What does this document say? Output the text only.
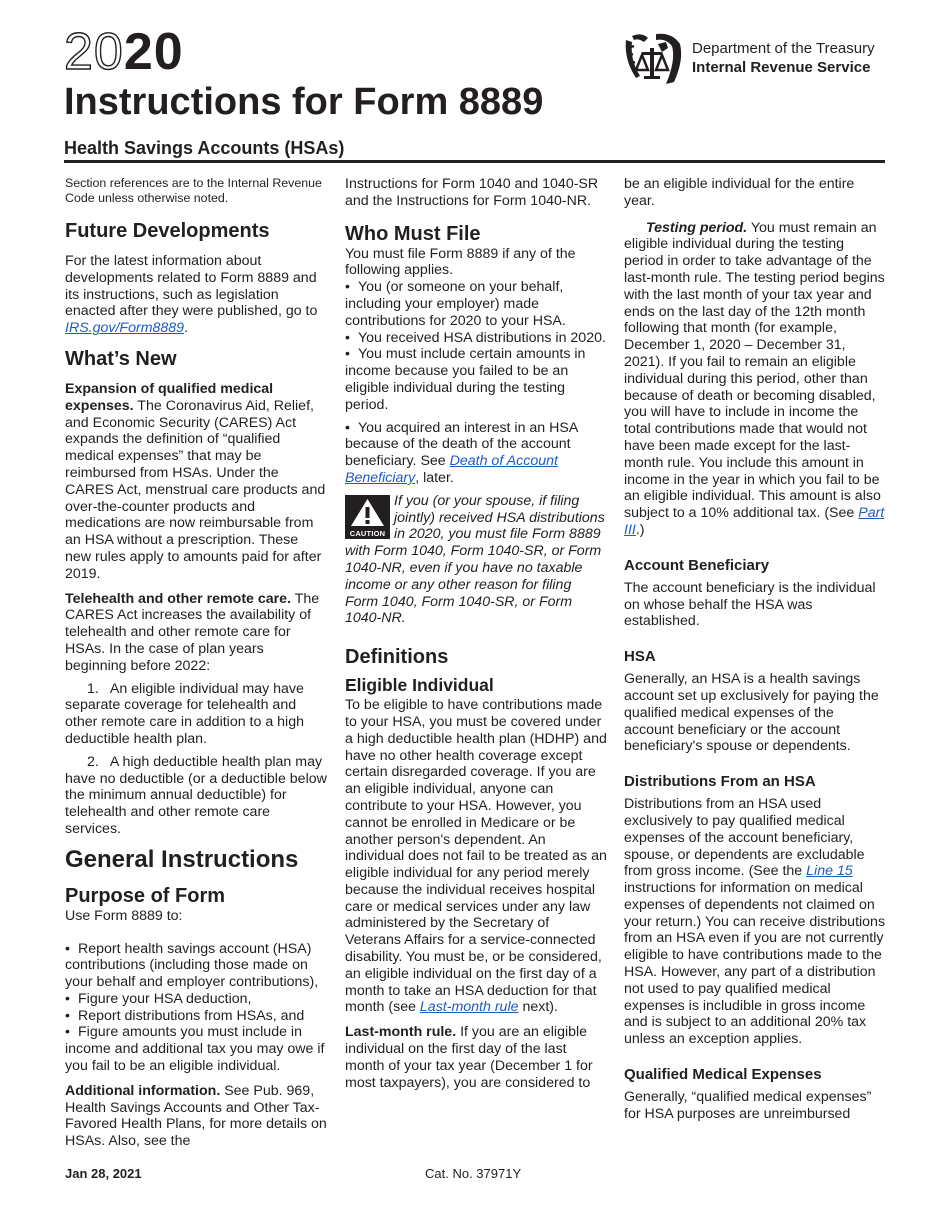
2020
Instructions for Form 8889
Health Savings Accounts (HSAs)
Department of the Treasury
Internal Revenue Service

Section references are to the Internal Revenue Code unless otherwise noted.

Future Developments

For the latest information about developments related to Form 8889 and its instructions, such as legislation enacted after they were published, go to IRS.gov/Form8889.

What’s New

Expansion of qualified medical expenses. The Coronavirus Aid, Relief, and Economic Security (CARES) Act expands the definition of “qualified medical expenses” that may be reimbursed from HSAs. Under the CARES Act, menstrual care products and over-the-counter products and medications are now reimbursable from an HSA without a prescription. These new rules apply to amounts paid for after 2019.

Telehealth and other remote care. The CARES Act increases the availability of telehealth and other remote care for HSAs. In the case of plan years beginning before 2022:

1.   An eligible individual may have separate coverage for telehealth and other remote care in addition to a high deductible health plan.

2.   A high deductible health plan may have no deductible (or a deductible below the minimum annual deductible) for telehealth and other remote care services.

General Instructions
Purpose of Form

Use Form 8889 to:

• Report health savings account (HSA) contributions (including those made on your behalf and employer contributions),
• Figure your HSA deduction,
• Report distributions from HSAs, and
• Figure amounts you must include in income and additional tax you may owe if you fail to be an eligible individual.

Additional information. See Pub. 969, Health Savings Accounts and Other Tax-Favored Health Plans, for more details on HSAs. Also, see the

Instructions for Form 1040 and 1040-SR and the Instructions for Form 1040-NR.

Who Must File

You must file Form 8889 if any of the following applies.

• You (or someone on your behalf, including your employer) made contributions for 2020 to your HSA.
• You received HSA distributions in 2020.
• You must include certain amounts in income because you failed to be an eligible individual during the testing period.
• You acquired an interest in an HSA because of the death of the account beneficiary. See Death of Account Beneficiary, later.
CAUTION
If you (or your spouse, if filing jointly) received HSA distributions in 2020, you must file Form 8889 with Form 1040, Form 1040-SR, or Form 1040-NR, even if you have no taxable income or any other reason for filing Form 1040, Form 1040-SR, or Form 1040-NR.
Definitions
Eligible Individual

To be eligible to have contributions made to your HSA, you must be covered under a high deductible health plan (HDHP) and have no other health coverage except certain disregarded coverage. If you are an eligible individual, anyone can contribute to your HSA. However, you cannot be enrolled in Medicare or be another person's dependent. An individual does not fail to be treated as an eligible individual for any period merely because the individual receives hospital care or medical services under any law administered by the Secretary of Veterans Affairs for a service-connected disability. You must be, or be considered, an eligible individual on the first day of a month to take an HSA deduction for that month (see Last-month rule next).

Last-month rule. If you are an eligible individual on the first day of the last month of your tax year (December 1 for most taxpayers), you are considered to

be an eligible individual for the entire year.

Testing period. You must remain an eligible individual during the testing period in order to take advantage of the last-month rule. The testing period begins with the last month of your tax year and ends on the last day of the 12th month following that month (for example, December 1, 2020 – December 31, 2021). If you fail to remain an eligible individual during this period, other than because of death or becoming disabled, you will have to include in income the total contributions made that would not have been made except for the last-month rule. You include this amount in income in the year in which you fail to be an eligible individual. This amount is also subject to a 10% additional tax. (See Part III.)

Account Beneficiary

The account beneficiary is the individual on whose behalf the HSA was established.

HSA

Generally, an HSA is a health savings account set up exclusively for paying the qualified medical expenses of the account beneficiary or the account beneficiary's spouse or dependents.

Distributions From an HSA

Distributions from an HSA used exclusively to pay qualified medical expenses of the account beneficiary, spouse, or dependents are excludable from gross income. (See the Line 15 instructions for information on medical expenses of dependents not claimed on your return.) You can receive distributions from an HSA even if you are not currently eligible to have contributions made to the HSA. However, any part of a distribution not used to pay qualified medical expenses is includible in gross income and is subject to an additional 20% tax unless an exception applies.

Qualified Medical Expenses

Generally, “qualified medical expenses” for HSA purposes are unreimbursed

Jan 28, 2021	Cat. No. 37971Y
